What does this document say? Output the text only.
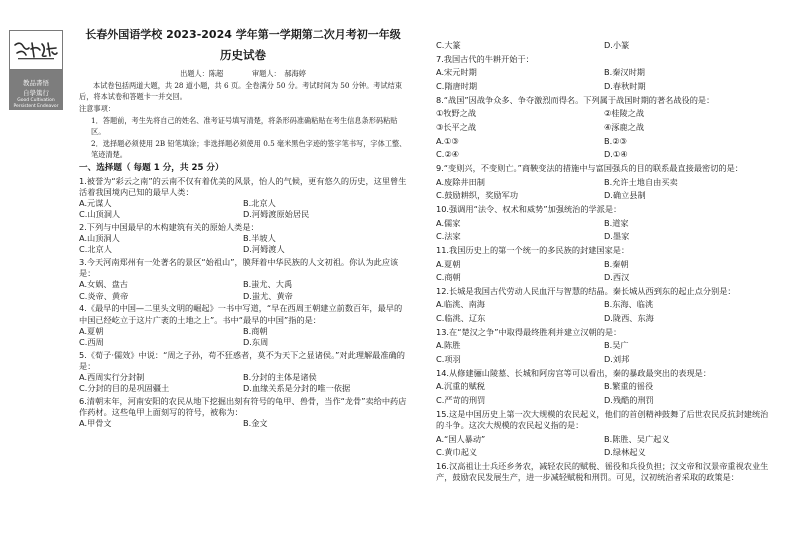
教品書悟
自學篤行
Good Cultivation
Persistent Endeavor
长春外国语学校 2023-2024 学年第一学期第二次月考初一年级
历史试卷
出题人：陈超　　　　审题人：　郝海婷
本试卷包括两道大题，共 28 道小题，共 6 页。全卷满分 50 分。考试时间为 50 分钟。考试结束后，将本试卷和答题卡一并交回。
注意事项：
1．答题前，考生先将自己的姓名、准考证号填写清楚，将条形码准确粘贴在考生信息条形码粘贴区。
2．选择题必须使用 2B 铅笔填涂；非选择题必须使用 0.5 毫米黑色字迹的签字笔书写，字体工整、笔迹清楚。
一、选择题（ 每题 1 分，共 25 分）
1.被誉为“彩云之南”的云南不仅有着优美的风景，怡人的气候，更有悠久的历史，这里曾生活着我国境内已知的最早人类：
A.元谋人	B.北京人
C.山顶洞人	D.河姆渡原始居民
2.下列与中国最早的木构建筑有关的原始人类是：
A.山顶洞人	B.半坡人
C.北京人	D.河姆渡人
3.今天河南郑州有一处著名的景区“始祖山”，膜拜着中华民族的人文初祖。你认为此应该是：
A.女娲、盘古	B.蚩尤、大禹
C.炎帝、黄帝	D.蚩尤、黄帝
4.《最早的中国—二里头文明的崛起》一书中写道，“早在西周王朝建立前数百年，最早的中国已经屹立于这片广袤的土地之上”。书中“最早的中国”指的是：
A.夏朝	B.商朝
C.西周	D.东周
5.《荀子·儒效》中说：“周之子孙，苟不狂惑者，莫不为天下之显诸侯。”对此理解最准确的是：
A.西周实行分封制	B.分封的主体是诸侯
C.分封的目的是巩固疆土	D.血缘关系是分封的唯一依据
6.清朝末年，河南安阳的农民从地下挖掘出刻有符号的龟甲、兽骨，当作“龙骨”卖给中药店作药材。这些龟甲上面刻写的符号，被称为：
A.甲骨文	B.金文
C.大篆	D.小篆
7.我国古代的牛耕开始于：
A.宋元时期	B.秦汉时期
C.隋唐时期	D.春秋时期
8.“战国”因战争众多、争夺激烈而得名。下列属于战国时期的著名战役的是：
①牧野之战	②桂陵之战
③长平之战	④涿鹿之战
A.①③	B.②③
C.②④	D.①④
9.“变则兴，不变则亡。”商鞅变法的措施中与富国强兵的目的联系最直接最密切的是：
A.废除井田制	B.允许土地自由买卖
C.鼓励耕织，奖励军功	D.确立县制
10.强调用“法令、权术和威势”加强统治的学派是：
A.儒家	B.道家
C.法家	D.墨家
11.我国历史上的第一个统一的多民族的封建国家是：
A.夏朝	B.秦朝
C.商朝	D.西汉
12.长城是我国古代劳动人民血汗与智慧的结晶。秦长城从西到东的起止点分别是：
A.临洮、南海	B.东海、临洮
C.临洮、辽东	D.陇西、东海
13.在“楚汉之争”中取得最终胜利并建立汉朝的是：
A.陈胜	B.吴广
C.项羽	D.刘邦
14.从修建骊山陵墓、长城和阿房宫等可以看出，秦的暴政最突出的表现是：
A.沉重的赋税	B.繁重的徭役
C.严苛的刑罚	D.残酷的刑罚
15.这是中国历史上第一次大规模的农民起义，他们的首创精神鼓舞了后世农民反抗封建统治的斗争。这次大规模的农民起义指的是：
A.“国人暴动”	B.陈胜、吴广起义
C.黄巾起义	D.绿林起义
16.汉高祖让士兵还乡务农，减轻农民的赋税、徭役和兵役负担；汉文帝和汉景帝重视农业生产，鼓励农民发展生产，进一步减轻赋税和刑罚。可见，汉初统治者采取的政策是：
